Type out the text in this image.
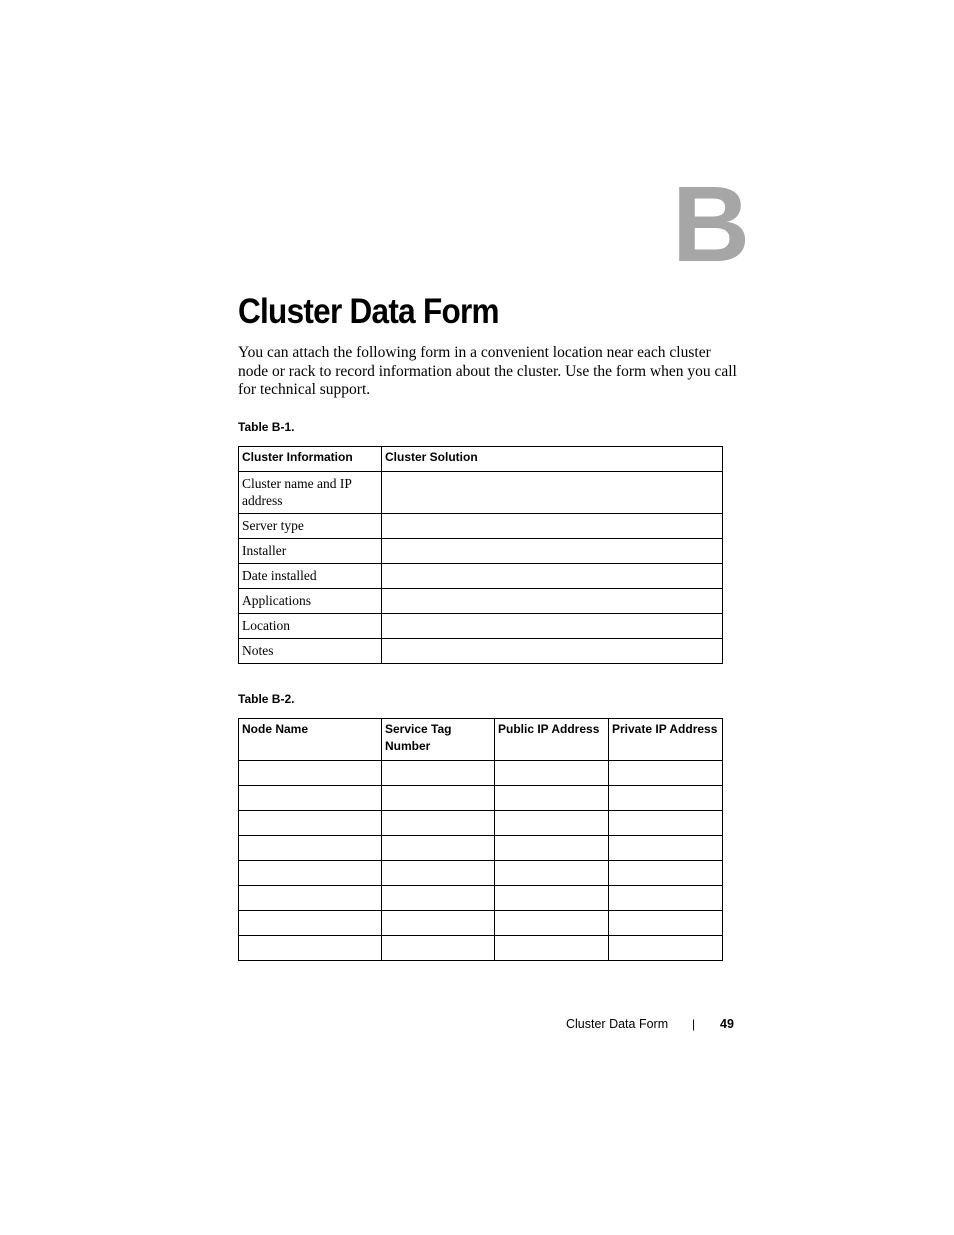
B
Cluster Data Form

You can attach the following form in a convenient location near each cluster node or rack to record information about the cluster. Use the form when you call for technical support.

Table B-1.
Cluster Information	Cluster Solution
Cluster name and IP address	
Server type	
Installer	
Date installed	
Applications	
Location	
Notes	
Table B-2.
Node Name	Service Tag Number	Public IP Address	Private IP Address

Cluster Data Form | 49
